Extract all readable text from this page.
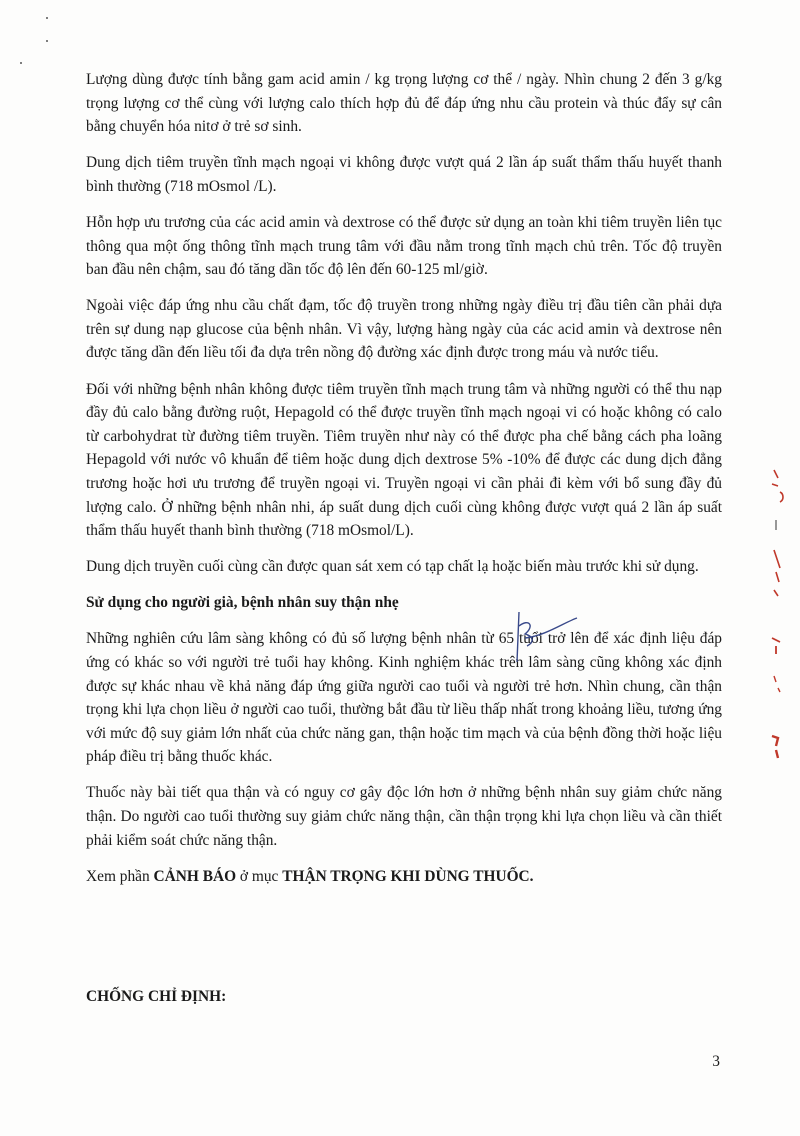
Lượng dùng được tính bằng gam acid amin / kg trọng lượng cơ thể / ngày. Nhìn chung 2 đến 3 g/kg trọng lượng cơ thể cùng với lượng calo thích hợp đủ để đáp ứng nhu cầu protein và thúc đẩy sự cân bằng chuyển hóa nitơ ở trẻ sơ sinh.

Dung dịch tiêm truyền tĩnh mạch ngoại vi không được vượt quá 2 lần áp suất thẩm thấu huyết thanh bình thường (718 mOsmol /L).

Hỗn hợp ưu trương của các acid amin và dextrose có thể được sử dụng an toàn khi tiêm truyền liên tục thông qua một ống thông tĩnh mạch trung tâm với đầu nằm trong tĩnh mạch chủ trên. Tốc độ truyền ban đầu nên chậm, sau đó tăng dần tốc độ lên đến 60-125 ml/giờ.

Ngoài việc đáp ứng nhu cầu chất đạm, tốc độ truyền trong những ngày điều trị đầu tiên cần phải dựa trên sự dung nạp glucose của bệnh nhân. Vì vậy, lượng hàng ngày của các acid amin và dextrose nên được tăng dần đến liều tối đa dựa trên nồng độ đường xác định được trong máu và nước tiểu.

Đối với những bệnh nhân không được tiêm truyền tĩnh mạch trung tâm và những người có thể thu nạp đầy đủ calo bằng đường ruột, Hepagold có thể được truyền tĩnh mạch ngoại vi có hoặc không có calo từ carbohydrat từ đường tiêm truyền. Tiêm truyền như này có thể được pha chế bằng cách pha loãng Hepagold với nước vô khuẩn để tiêm hoặc dung dịch dextrose 5% -10% để được các dung dịch đẳng trương hoặc hơi ưu trương để truyền ngoại vi. Truyền ngoại vi cần phải đi kèm với bổ sung đầy đủ lượng calo. Ở những bệnh nhân nhi, áp suất dung dịch cuối cùng không được vượt quá 2 lần áp suất thẩm thấu huyết thanh bình thường (718 mOsmol/L).

Dung dịch truyền cuối cùng cần được quan sát xem có tạp chất lạ hoặc biến màu trước khi sử dụng.

Sử dụng cho người già, bệnh nhân suy thận nhẹ

Những nghiên cứu lâm sàng không có đủ số lượng bệnh nhân từ 65 tuổi trở lên để xác định liệu đáp ứng có khác so với người trẻ tuổi hay không. Kinh nghiệm khác trên lâm sàng cũng không xác định được sự khác nhau về khả năng đáp ứng giữa người cao tuổi và người trẻ hơn. Nhìn chung, cần thận trọng khi lựa chọn liều ở người cao tuổi, thường bắt đầu từ liều thấp nhất trong khoảng liều, tương ứng với mức độ suy giảm lớn nhất của chức năng gan, thận hoặc tim mạch và của bệnh đồng thời hoặc liệu pháp điều trị bằng thuốc khác.

Thuốc này bài tiết qua thận và có nguy cơ gây độc lớn hơn ở những bệnh nhân suy giảm chức năng thận. Do người cao tuổi thường suy giảm chức năng thận, cần thận trọng khi lựa chọn liều và cần thiết phải kiểm soát chức năng thận.

Xem phần CẢNH BÁO ở mục THẬN TRỌNG KHI DÙNG THUỐC.

CHỐNG CHỈ ĐỊNH:
3
